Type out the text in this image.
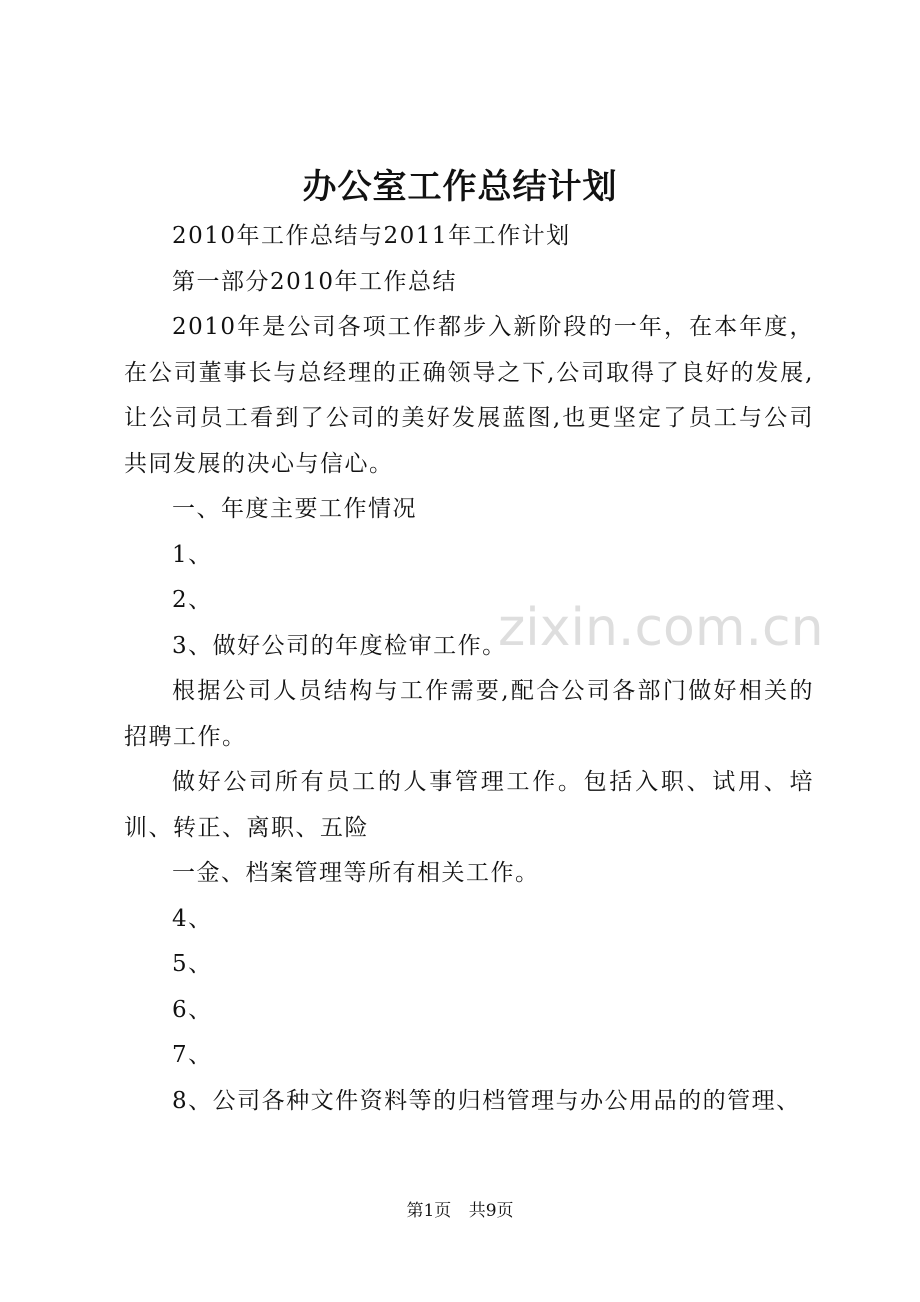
办公室工作总结计划

2010年工作总结与2011年工作计划

第一部分2010年工作总结

2010年是公司各项工作都步入新阶段的一年，在本年度，在公司董事长与总经理的正确领导之下,公司取得了良好的发展,让公司员工看到了公司的美好发展蓝图,也更坚定了员工与公司共同发展的决心与信心。

一、年度主要工作情况

1、

2、

3、做好公司的年度检审工作。

根据公司人员结构与工作需要,配合公司各部门做好相关的招聘工作。

做好公司所有员工的人事管理工作。包括入职、试用、培训、转正、离职、五险

一金、档案管理等所有相关工作。

4、

5、

6、

7、

8、公司各种文件资料等的归档管理与办公用品的的管理、

zixin.com.cn
第1页 共9页
